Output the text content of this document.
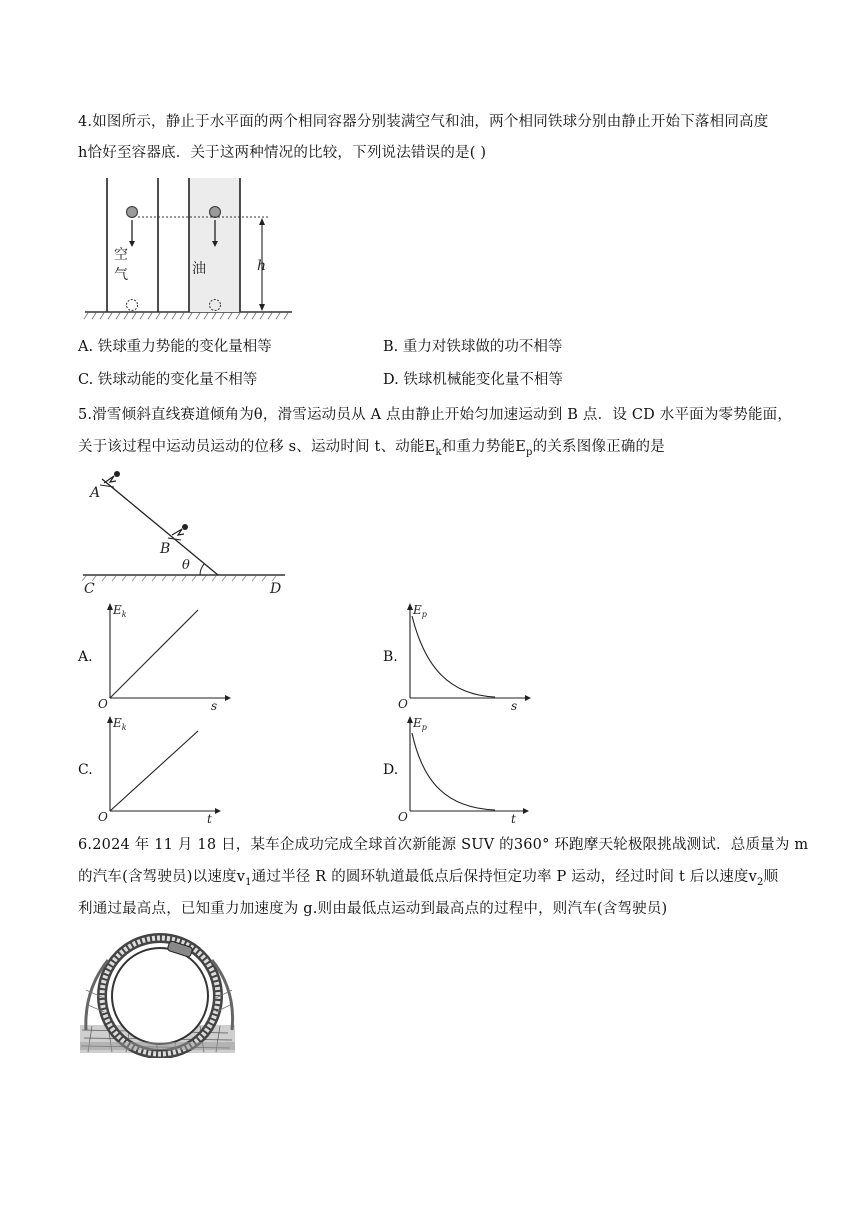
4.如图所示，静止于水平面的两个相同容器分别装满空气和油，两个相同铁球分别由静止开始下落相同高度
h恰好至容器底．关于这两种情况的比较，下列说法错误的是( )
空
气	油	h
A. 铁球重力势能的变化量相等	B. 重力对铁球做的功不相等
C. 铁球动能的变化量不相等	D. 铁球机械能变化量不相等
5.滑雪倾斜直线赛道倾角为θ，滑雪运动员从 A 点由静止开始匀加速运动到 B 点．设 CD 水平面为零势能面，
关于该过程中运动员运动的位移 s、运动时间 t、动能$E_k$和重力势能$E_p$的关系图像正确的是
A
B
θ
C	D
A.
$E_k$
O	s
B.
$E_p$
O	s
C.
$E_k$
O	t
D.
$E_p$
O	t
6.2024 年 11 月 18 日，某车企成功完成全球首次新能源 SUV 的360° 环跑摩天轮极限挑战测试．总质量为 m
的汽车(含驾驶员)以速度$v_1$通过半径 R 的圆环轨道最低点后保持恒定功率 P 运动，经过时间 t 后以速度$v_2$顺
利通过最高点，已知重力加速度为 g.则由最低点运动到最高点的过程中，则汽车(含驾驶员)
